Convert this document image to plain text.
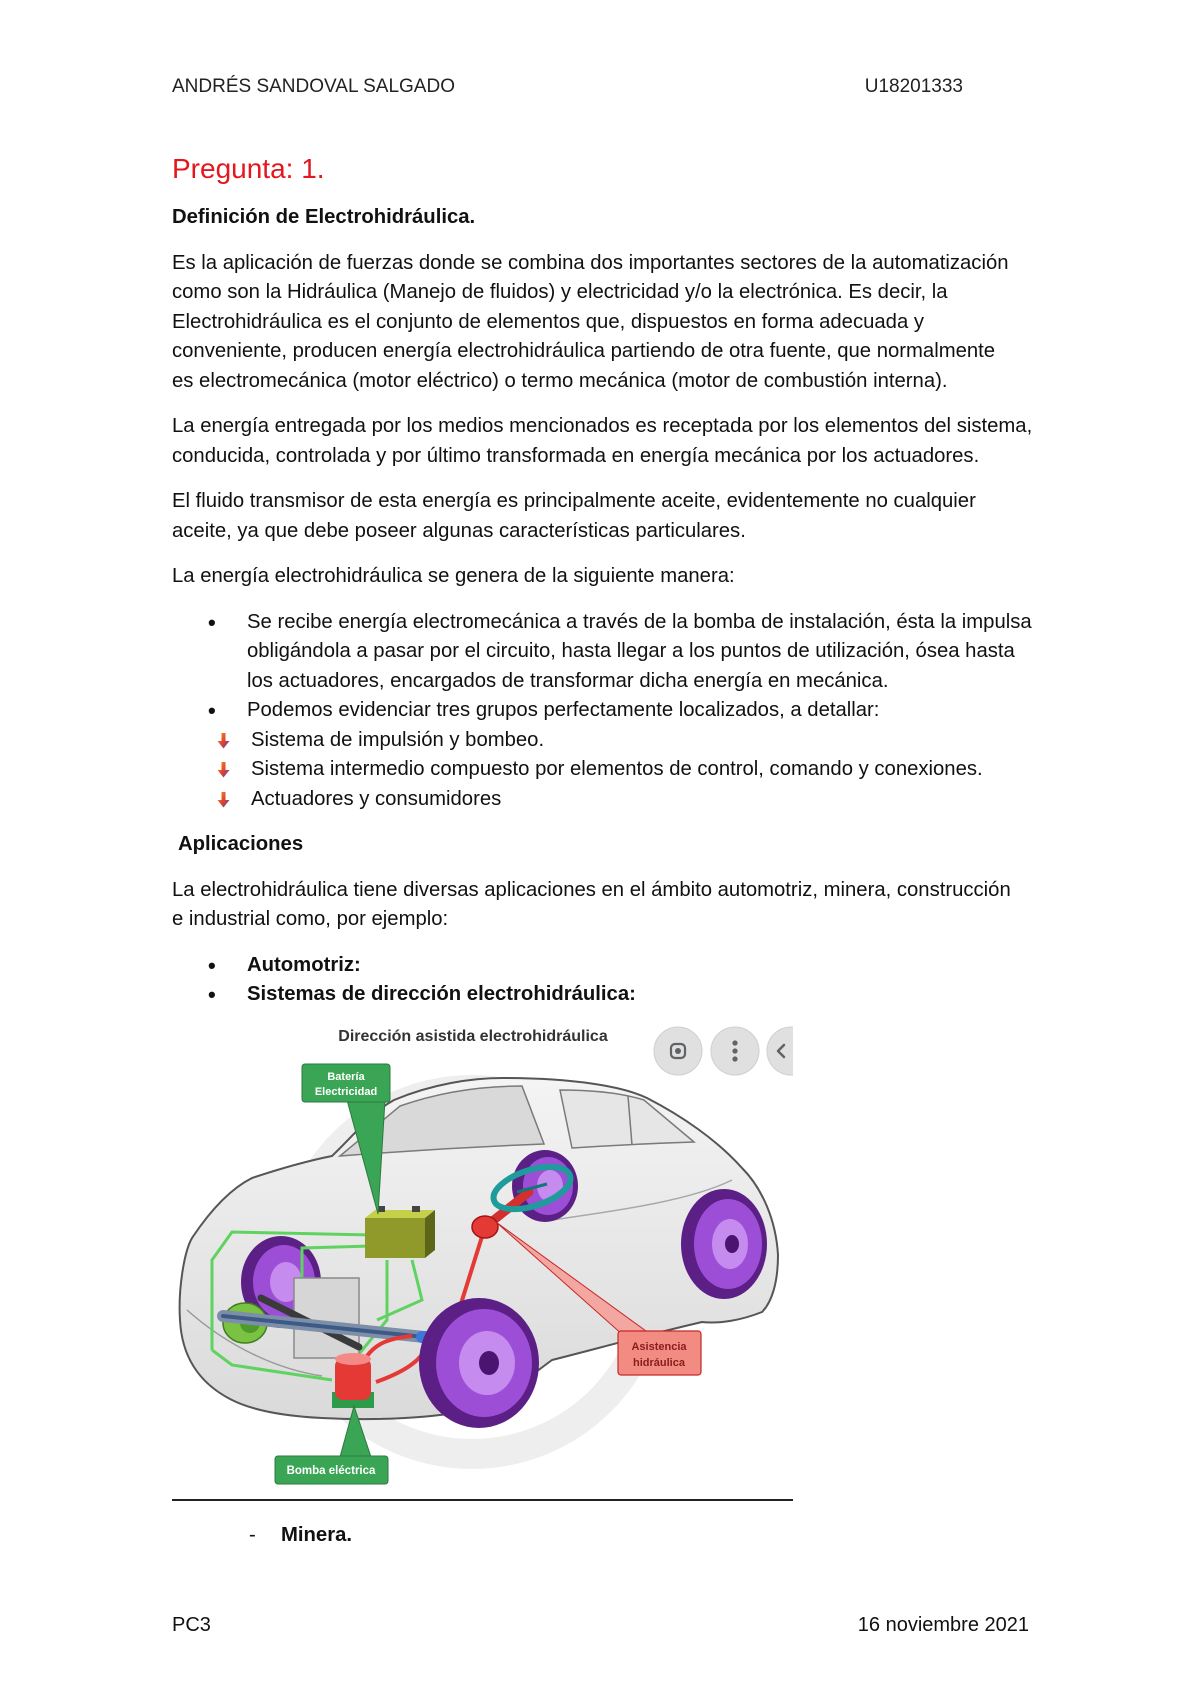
ANDRÉS SANDOVAL SALGADO	U18201333
Pregunta: 1.
Definición de Electrohidráulica.
Es la aplicación de fuerzas donde se combina dos importantes sectores de la automatización
como son la Hidráulica (Manejo de fluidos) y electricidad y/o la electrónica. Es decir, la
Electrohidráulica es el conjunto de elementos que, dispuestos en forma adecuada y
conveniente, producen energía electrohidráulica partiendo de otra fuente, que normalmente
es electromecánica (motor eléctrico) o termo mecánica (motor de combustión interna).
La energía entregada por los medios mencionados es receptada por los elementos del sistema,
conducida, controlada y por último transformada en energía mecánica por los actuadores.
El fluido transmisor de esta energía es principalmente aceite, evidentemente no cualquier
aceite, ya que debe poseer algunas características particulares.
La energía electrohidráulica se genera de la siguiente manera:
• Se recibe energía electromecánica a través de la bomba de instalación, ésta la impulsa
obligándola a pasar por el circuito, hasta llegar a los puntos de utilización, ósea hasta
los actuadores, encargados de transformar dicha energía en mecánica.
• Podemos evidenciar tres grupos perfectamente localizados, a detallar:
Sistema de impulsión y bombeo.
Sistema intermedio compuesto por elementos de control, comando y conexiones.
Actuadores y consumidores
Aplicaciones
La electrohidráulica tiene diversas aplicaciones en el ámbito automotriz, minera, construcción
e industrial como, por ejemplo:
• Automotriz:
• Sistemas de dirección electrohidráulica:
Batería
Electricidad
Asistencia
hidráulica
Bomba eléctrica
Dirección asistida electrohidráulica
- Minera.
PC3	16 noviembre 2021
